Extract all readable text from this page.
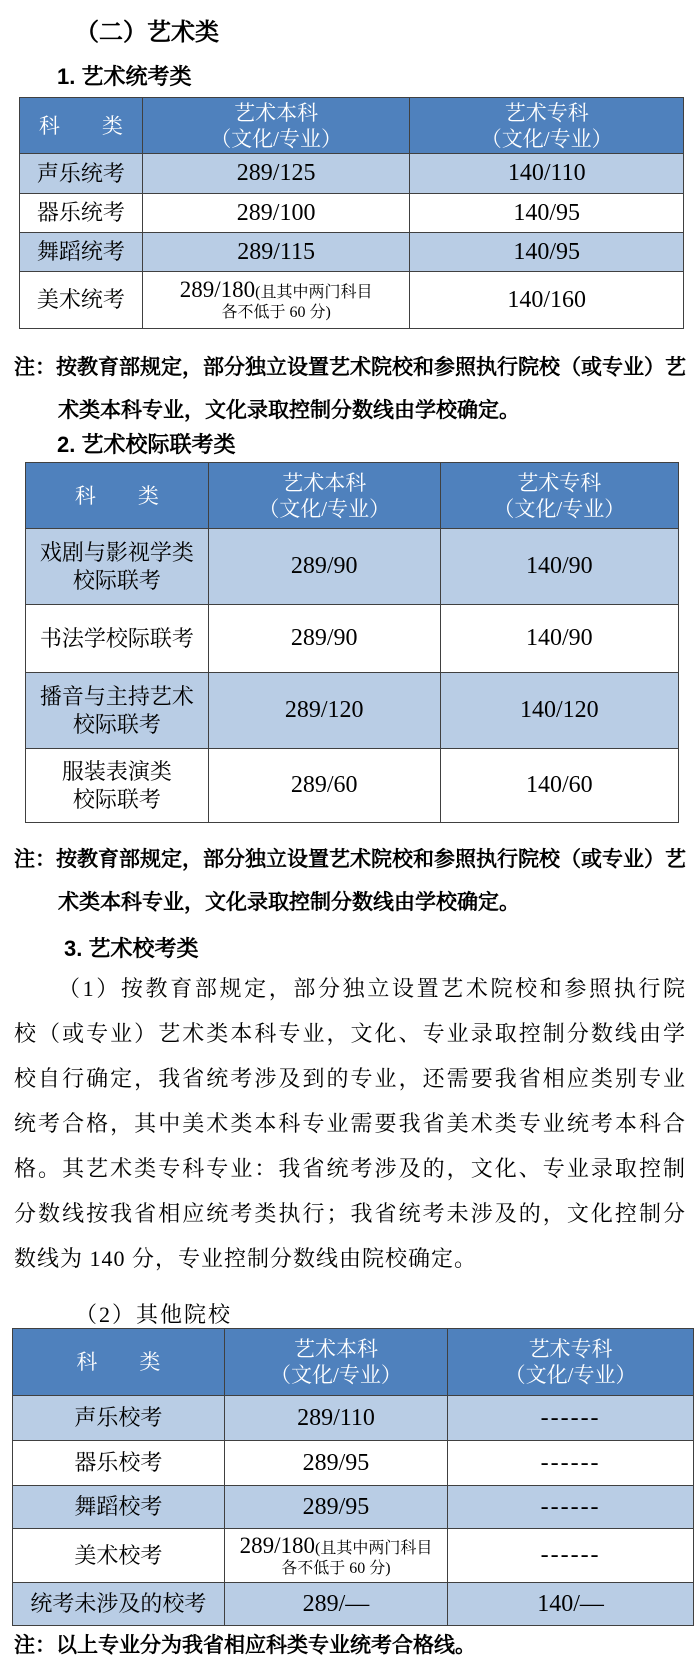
（二）艺术类
1. 艺术统考类
科　　类

艺术本科
（文化/专业）

艺术专科
（文化/专业）

声乐统考	289/125	140/110
器乐统考	289/100	140/95
舞蹈统考	289/115	140/95
美术统考	289/180(且其中两门科目
各不低于 60 分)	140/160
注：按教育部规定，部分独立设置艺术院校和参照执行院校（或专业）艺
术类本科专业，文化录取控制分数线由学校确定。
2. 艺术校际联考类
科　　类

艺术本科
（文化/专业）

艺术专科
（文化/专业）

戏剧与影视学类
校际联考	289/90	140/90

书法学校际联考	289/90	140/90

播音与主持艺术
校际联考	289/120	140/120

服装表演类
校际联考	289/60	140/60
注：按教育部规定，部分独立设置艺术院校和参照执行院校（或专业）艺
术类本科专业，文化录取控制分数线由学校确定。
3. 艺术校考类
（1）按教育部规定，部分独立设置艺术院校和参照执行院
校（或专业）艺术类本科专业，文化、专业录取控制分数线由学
校自行确定，我省统考涉及到的专业，还需要我省相应类别专业
统考合格，其中美术类本科专业需要我省美术类专业统考本科合
格。其艺术类专科专业：我省统考涉及的，文化、专业录取控制
分数线按我省相应统考类执行；我省统考未涉及的，文化控制分
数线为 140 分，专业控制分数线由院校确定。
（2）其他院校
科　　类

艺术本科
（文化/专业）

艺术专科
（文化/专业）

声乐校考	289/110	------
器乐校考	289/95	------
舞蹈校考	289/95	------
美术校考	289/180(且其中两门科目
各不低于 60 分)	------
统考未涉及的校考	289/—	140/—
注：以上专业分为我省相应科类专业统考合格线。
